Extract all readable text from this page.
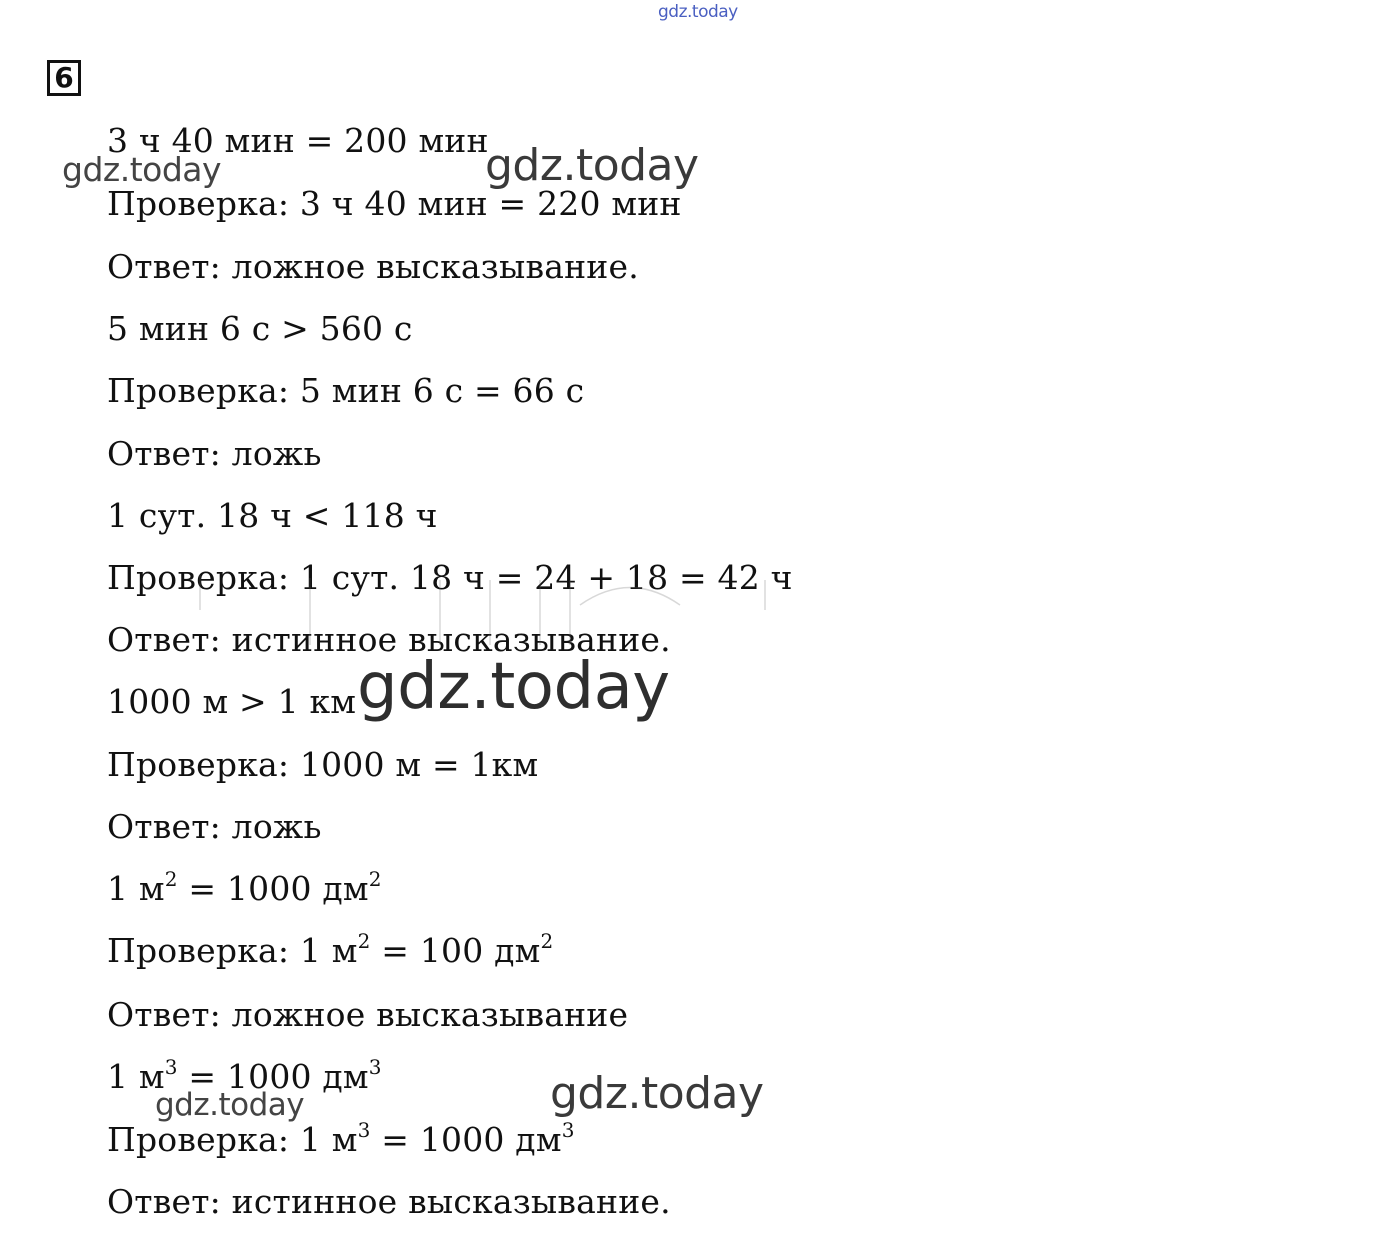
gdz.today
6
3 ч 40 мин = 200 мин
Проверка: 3 ч 40 мин = 220 мин
Ответ: ложное высказывание.
5 мин 6 с > 560 с
Проверка: 5 мин 6 с = 66 с
Ответ: ложь
1 сут. 18 ч < 118 ч
Проверка: 1 сут. 18 ч = 24 + 18 = 42 ч
Ответ: истинное высказывание.
1000 м > 1 км
Проверка: 1000 м = 1км
Ответ: ложь
1 $м^2 = 1000$ $дм^2$
Проверка: 1 $м^2 = 100$ $дм^2$
Ответ: ложное высказывание
1 $м^3 = 1000$ $дм^3$
Проверка: 1 $м^3 = 1000$ $дм^3$
Ответ: истинное высказывание.
gdz.today	gdz.today
gdz.today
gdz.today	gdz.today
